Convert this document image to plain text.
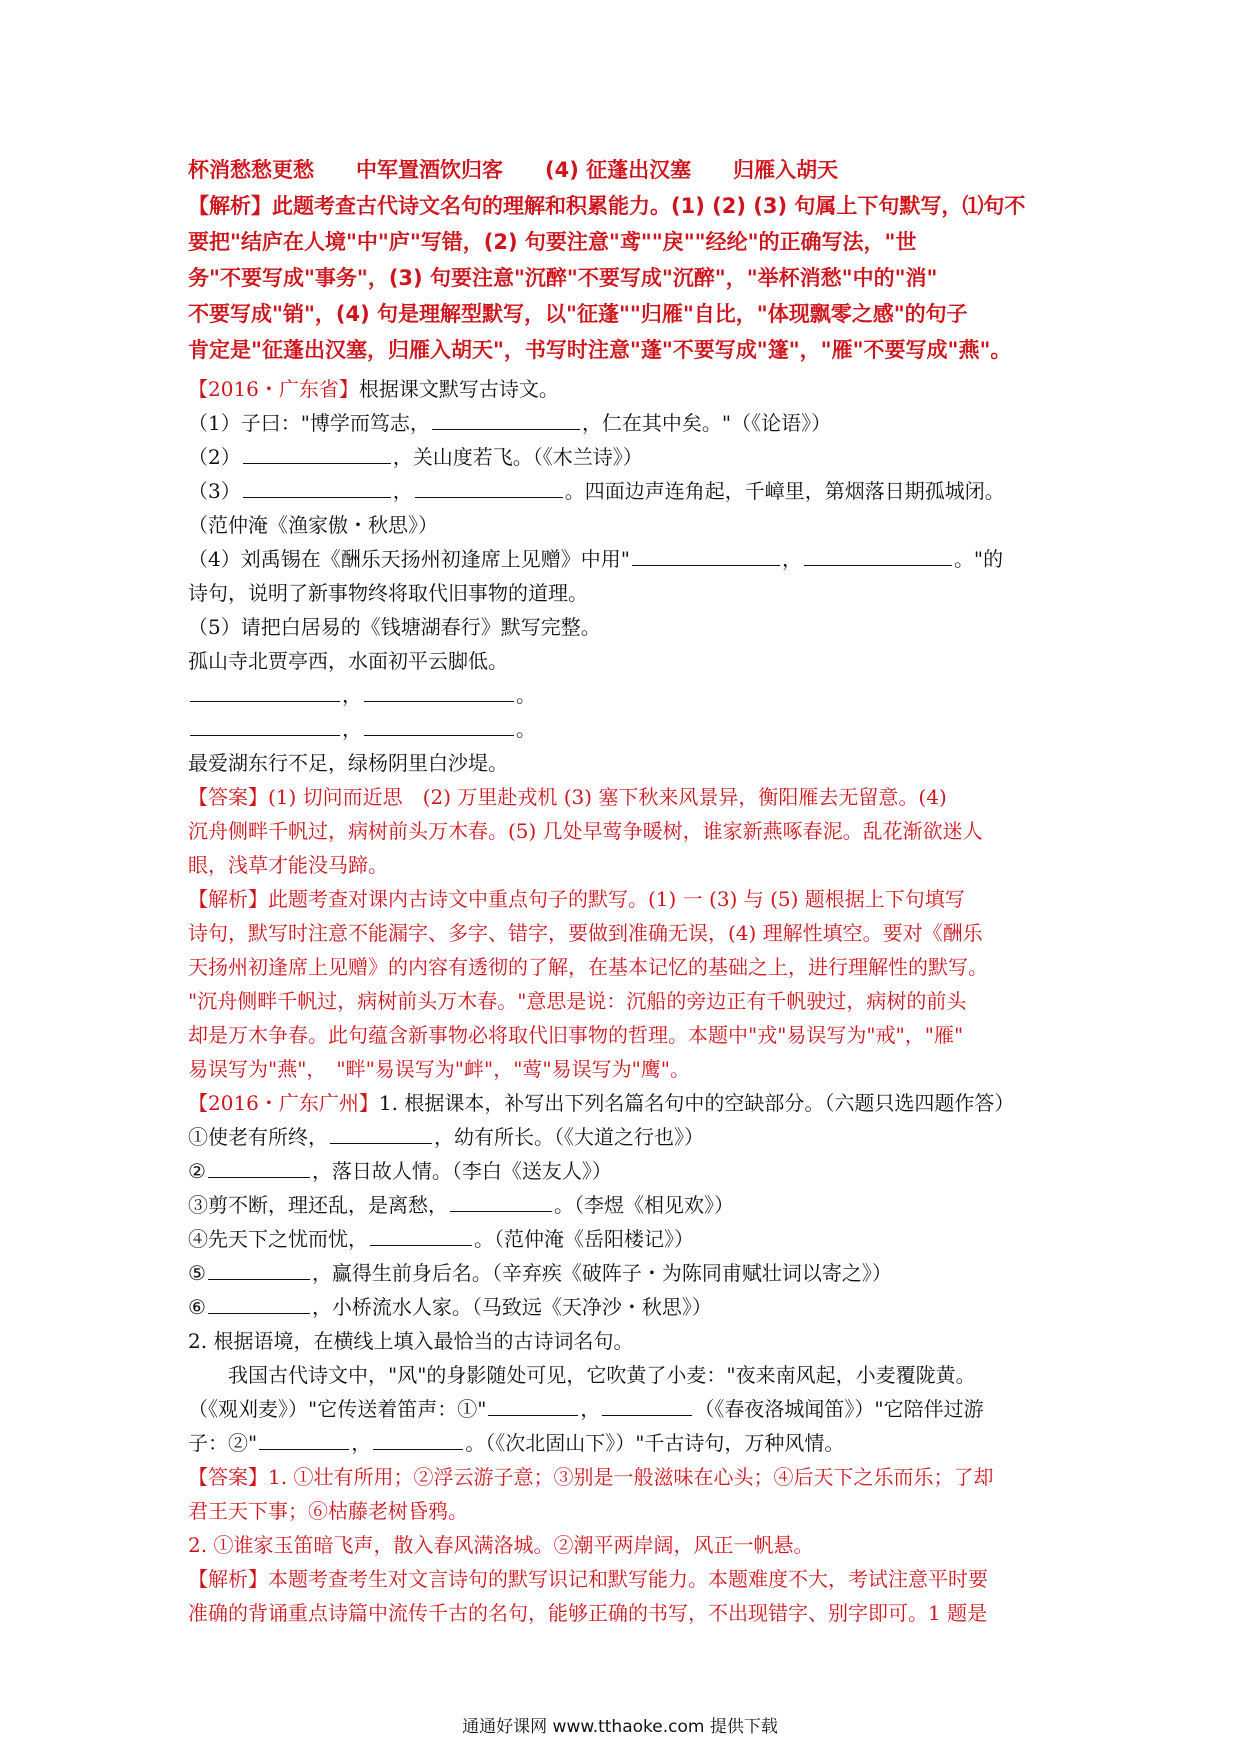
杯消愁愁更愁　　中军置酒饮归客　　(4) 征蓬出汉塞　　归雁入胡天
【解析】此题考查古代诗文名句的理解和积累能力。(1) (2) (3) 句属上下句默写，⑴句不
要把"结庐在人境"中"庐"写错，(2) 句要注意"鸢""戾""经纶"的正确写法，"世
务"不要写成"事务"，(3) 句要注意"沉醉"不要写成"沉醉"，"举杯消愁"中的"消"
不要写成"销"，(4) 句是理解型默写，以"征蓬""归雁"自比，"体现飘零之感"的句子
肯定是"征蓬出汉塞，归雁入胡天"，书写时注意"蓬"不要写成"篷"，"雁"不要写成"燕"。
【2016・广东省】根据课文默写古诗文。
（1）子曰："博学而笃志，	，仁在其中矣。"（《论语》）
（2）	，关山度若飞。（《木兰诗》）
（3）	，	。四面边声连角起，千嶂里，第烟落日期孤城闭。
（范仲淹《渔家傲・秋思》）
（4）刘禹锡在《酬乐天扬州初逢席上见赠》中用"	，	。"的
诗句，说明了新事物终将取代旧事物的道理。
（5）请把白居易的《钱塘湖春行》默写完整。
孤山寺北贾亭西，水面初平云脚低。
，	。
，	。
最爱湖东行不足，绿杨阴里白沙堤。
【答案】(1) 切问而近思　(2) 万里赴戎机 (3) 塞下秋来风景异，衡阳雁去无留意。(4)
沉舟侧畔千帆过，病树前头万木春。(5) 几处早莺争暖树，谁家新燕啄春泥。乱花渐欲迷人
眼，浅草才能没马蹄。
【解析】此题考查对课内古诗文中重点句子的默写。(1) 一 (3) 与 (5) 题根据上下句填写
诗句，默写时注意不能漏字、多字、错字，要做到准确无误，(4) 理解性填空。要对《酬乐
天扬州初逢席上见赠》的内容有透彻的了解，在基本记忆的基础之上，进行理解性的默写。
"沉舟侧畔千帆过，病树前头万木春。"意思是说：沉船的旁边正有千帆驶过，病树的前头
却是万木争春。此句蕴含新事物必将取代旧事物的哲理。本题中"戎"易误写为"戒"，"雁"
易误写为"燕"，　"畔"易误写为"衅"，"莺"易误写为"鹰"。
【2016・广东广州】1. 根据课本，补写出下列名篇名句中的空缺部分。（六题只选四题作答）
①使老有所终，	，幼有所长。（《大道之行也》）
②	，落日故人情。（李白《送友人》）
③剪不断，理还乱，是离愁，	。（李煜《相见欢》）
④先天下之忧而忧，	。（范仲淹《岳阳楼记》）
⑤	，赢得生前身后名。（辛弃疾《破阵子・为陈同甫赋壮词以寄之》）
⑥	，小桥流水人家。（马致远《天净沙・秋思》）
2. 根据语境，在横线上填入最恰当的古诗词名句。
　　我国古代诗文中，"风"的身影随处可见，它吹黄了小麦："夜来南风起，小麦覆陇黄。
（《观刈麦》）"它传送着笛声：①"	，	（《春夜洛城闻笛》）"它陪伴过游
子：②"	，	。（《次北固山下》）"千古诗句，万种风情。
【答案】1. ①壮有所用；②浮云游子意；③别是一般滋味在心头；④后天下之乐而乐；了却
君王天下事；⑥枯藤老树昏鸦。
2. ①谁家玉笛暗飞声，散入春风满洛城。②潮平两岸阔，风正一帆悬。
【解析】本题考查考生对文言诗句的默写识记和默写能力。本题难度不大，考试注意平时要
准确的背诵重点诗篇中流传千古的名句，能够正确的书写，不出现错字、别字即可。1 题是
通通好课网 www.tthaoke.com 提供下载
